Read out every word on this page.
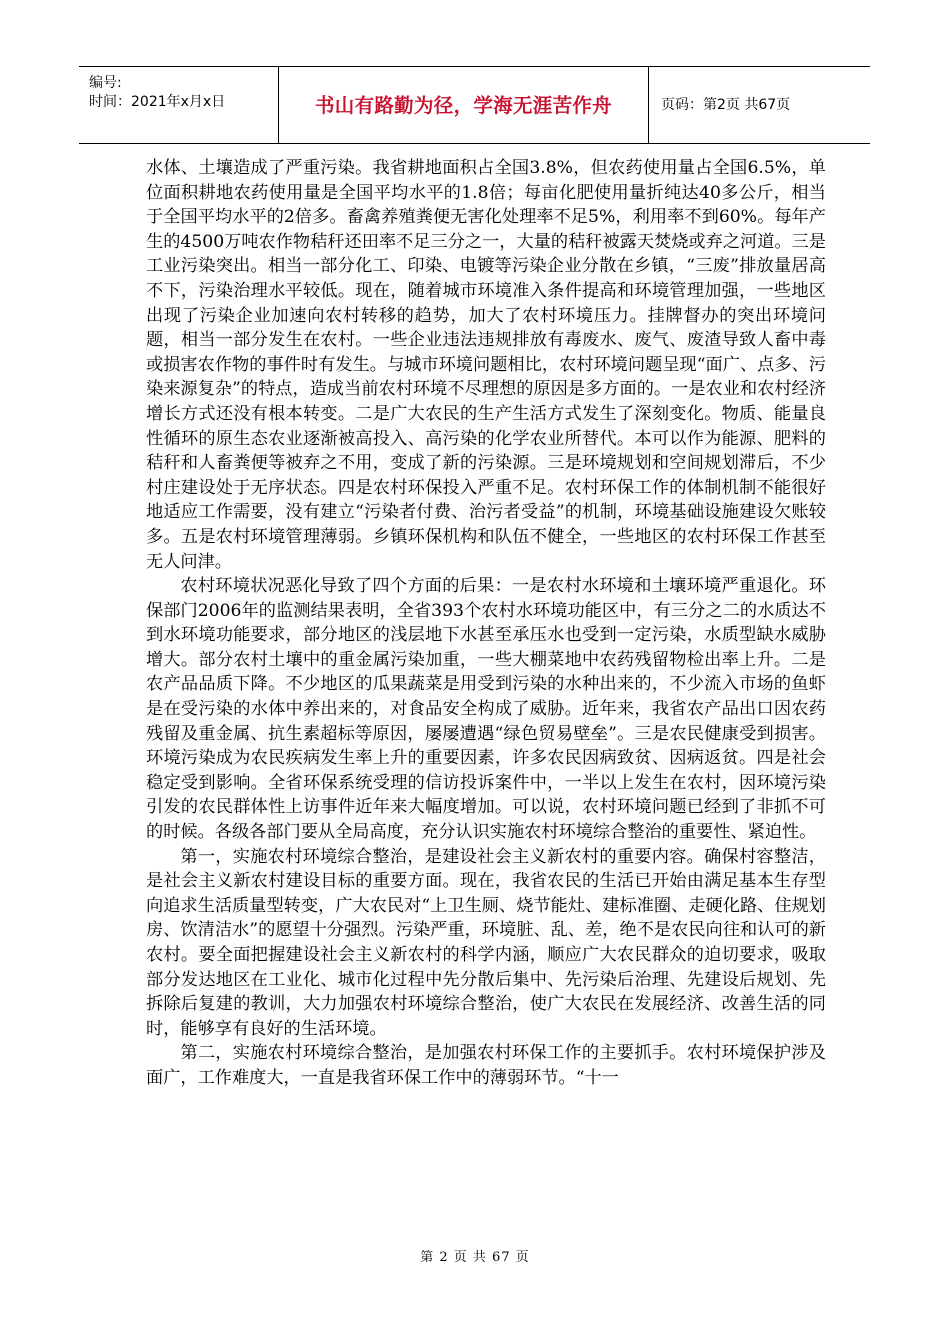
编号:
时间：2021年x月x日	书山有路勤为径，学海无涯苦作舟	页码：第2页 共67页

水体、土壤造成了严重污染。我省耕地面积占全国3.8%，但农药使用量占全国6.5%，单位面积耕地农药使用量是全国平均水平的1.8倍；每亩化肥使用量折纯达40多公斤，相当于全国平均水平的2倍多。畜禽养殖粪便无害化处理率不足5%，利用率不到60%。每年产生的4500万吨农作物秸秆还田率不足三分之一，大量的秸秆被露天焚烧或弃之河道。三是工业污染突出。相当一部分化工、印染、电镀等污染企业分散在乡镇，“三废”排放量居高不下，污染治理水平较低。现在，随着城市环境准入条件提高和环境管理加强，一些地区出现了污染企业加速向农村转移的趋势，加大了农村环境压力。挂牌督办的突出环境问题，相当一部分发生在农村。一些企业违法违规排放有毒废水、废气、废渣导致人畜中毒或损害农作物的事件时有发生。与城市环境问题相比，农村环境问题呈现“面广、点多、污染来源复杂”的特点，造成当前农村环境不尽理想的原因是多方面的。一是农业和农村经济增长方式还没有根本转变。二是广大农民的生产生活方式发生了深刻变化。物质、能量良性循环的原生态农业逐渐被高投入、高污染的化学农业所替代。本可以作为能源、肥料的秸秆和人畜粪便等被弃之不用，变成了新的污染源。三是环境规划和空间规划滞后，不少村庄建设处于无序状态。四是农村环保投入严重不足。农村环保工作的体制机制不能很好地适应工作需要，没有建立“污染者付费、治污者受益”的机制，环境基础设施建设欠账较多。五是农村环境管理薄弱。乡镇环保机构和队伍不健全，一些地区的农村环保工作甚至无人问津。

农村环境状况恶化导致了四个方面的后果：一是农村水环境和土壤环境严重退化。环保部门2006年的监测结果表明，全省393个农村水环境功能区中，有三分之二的水质达不到水环境功能要求，部分地区的浅层地下水甚至承压水也受到一定污染，水质型缺水威胁增大。部分农村土壤中的重金属污染加重，一些大棚菜地中农药残留物检出率上升。二是农产品品质下降。不少地区的瓜果蔬菜是用受到污染的水种出来的，不少流入市场的鱼虾是在受污染的水体中养出来的，对食品安全构成了威胁。近年来，我省农产品出口因农药残留及重金属、抗生素超标等原因，屡屡遭遇“绿色贸易壁垒”。三是农民健康受到损害。环境污染成为农民疾病发生率上升的重要因素，许多农民因病致贫、因病返贫。四是社会稳定受到影响。全省环保系统受理的信访投诉案件中，一半以上发生在农村，因环境污染引发的农民群体性上访事件近年来大幅度增加。可以说，农村环境问题已经到了非抓不可的时候。各级各部门要从全局高度，充分认识实施农村环境综合整治的重要性、紧迫性。

第一，实施农村环境综合整治，是建设社会主义新农村的重要内容。确保村容整洁，是社会主义新农村建设目标的重要方面。现在，我省农民的生活已开始由满足基本生存型向追求生活质量型转变，广大农民对“上卫生厕、烧节能灶、建标准圈、走硬化路、住规划房、饮清洁水”的愿望十分强烈。污染严重，环境脏、乱、差，绝不是农民向往和认可的新农村。要全面把握建设社会主义新农村的科学内涵，顺应广大农民群众的迫切要求，吸取部分发达地区在工业化、城市化过程中先分散后集中、先污染后治理、先建设后规划、先拆除后复建的教训，大力加强农村环境综合整治，使广大农民在发展经济、改善生活的同时，能够享有良好的生活环境。

第二，实施农村环境综合整治，是加强农村环保工作的主要抓手。农村环境保护涉及面广，工作难度大，一直是我省环保工作中的薄弱环节。“十一

第 2 页 共 67 页
